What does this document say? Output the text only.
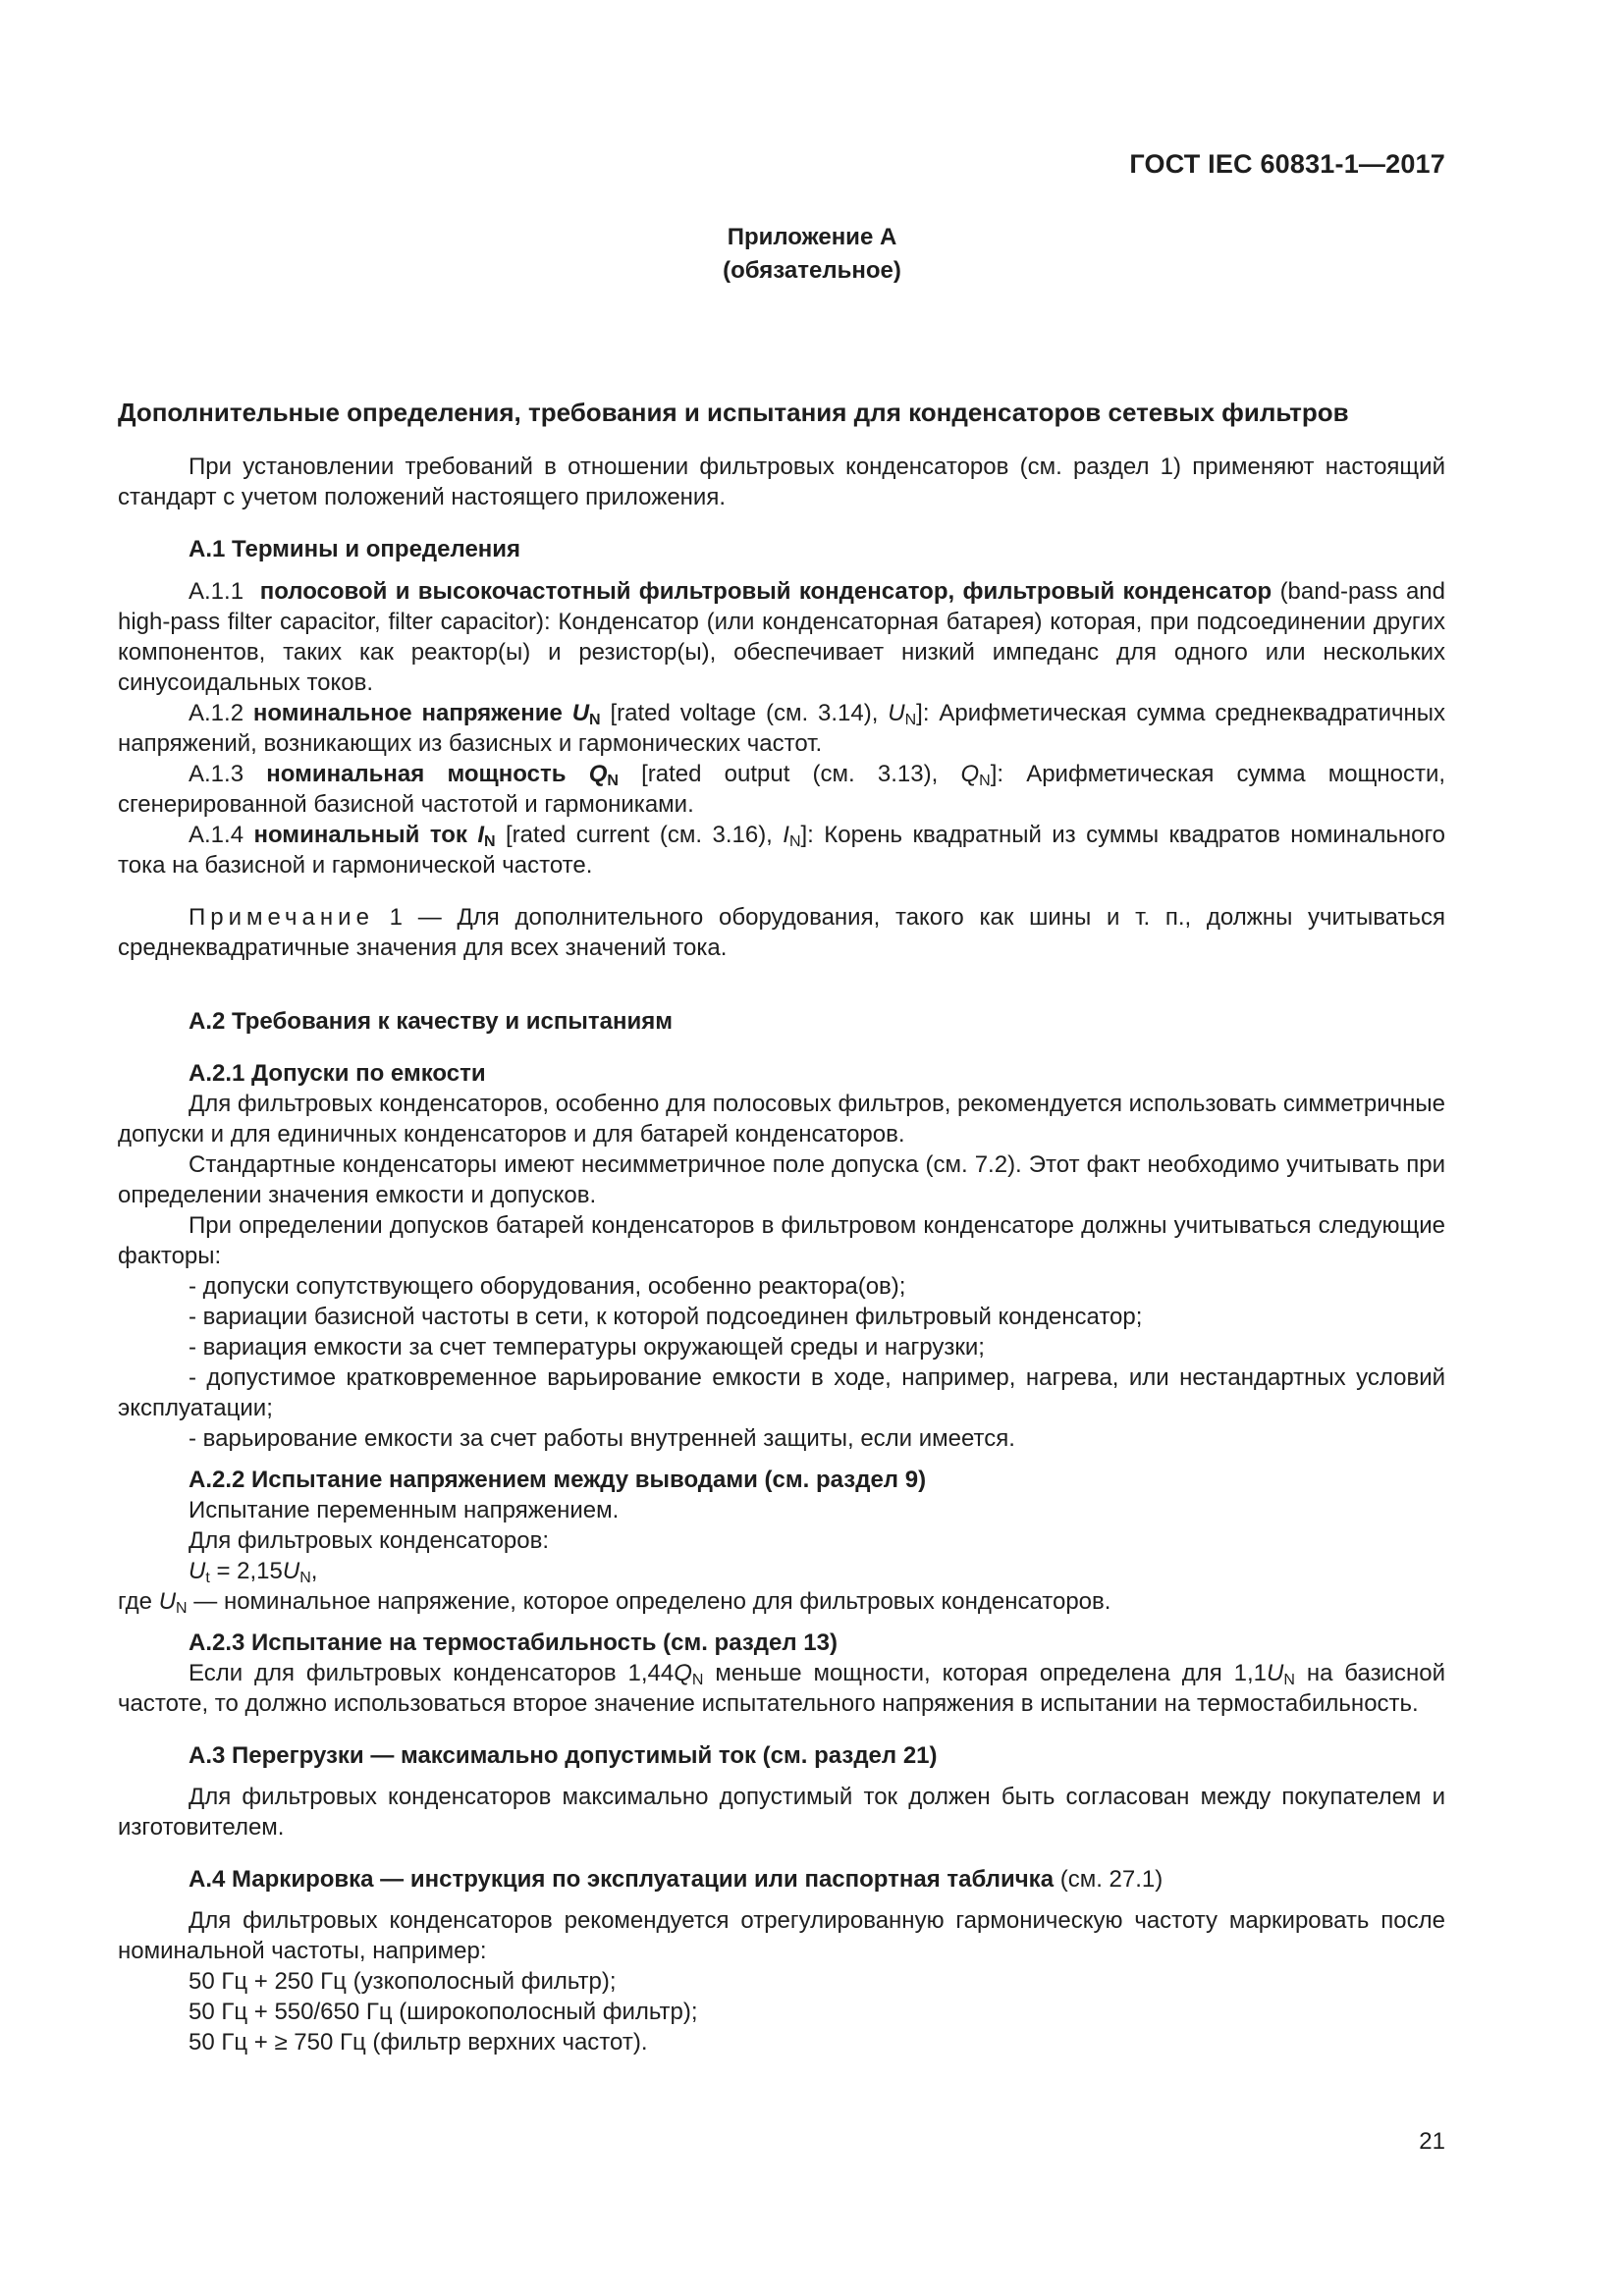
ГОСТ IEC 60831-1—2017
Приложение А
(обязательное)

Дополнительные определения, требования и испытания для конденсаторов сетевых фильтров

При установлении требований в отношении фильтровых конденсаторов (см. раздел 1) применяют настоящий стандарт с учетом положений настоящего приложения.

А.1 Термины и определения

А.1.1 полосовой и высокочастотный фильтровый конденсатор, фильтровый конденсатор (band-pass and high-pass filter capacitor, filter capacitor): Конденсатор (или конденсаторная батарея) которая, при подсоединении других компонентов, таких как реактор(ы) и резистор(ы), обеспечивает низкий импеданс для одного или нескольких синусоидальных токов.

А.1.2 номинальное напряжение $U_N$ [rated voltage (см. 3.14), $U_N$]: Арифметическая сумма среднеквадратичных напряжений, возникающих из базисных и гармонических частот.

А.1.3 номинальная мощность $Q_N$ [rated output (см. 3.13), $Q_N$]: Арифметическая сумма мощности, сгенерированной базисной частотой и гармониками.

А.1.4 номинальный ток $I_N$ [rated current (см. 3.16), $I_N$]: Корень квадратный из суммы квадратов номинального тока на базисной и гармонической частоте.

Примечание 1 — Для дополнительного оборудования, такого как шины и т. п., должны учитываться среднеквадратичные значения для всех значений тока.

А.2 Требования к качеству и испытаниям

А.2.1 Допуски по емкости

Для фильтровых конденсаторов, особенно для полосовых фильтров, рекомендуется использовать симметричные допуски и для единичных конденсаторов и для батарей конденсаторов.

Стандартные конденсаторы имеют несимметричное поле допуска (см. 7.2). Этот факт необходимо учитывать при определении значения емкости и допусков.

При определении допусков батарей конденсаторов в фильтровом конденсаторе должны учитываться следующие факторы:

- допуски сопутствующего оборудования, особенно реактора(ов);

- вариации базисной частоты в сети, к которой подсоединен фильтровый конденсатор;

- вариация емкости за счет температуры окружающей среды и нагрузки;

- допустимое кратковременное варьирование емкости в ходе, например, нагрева, или нестандартных условий эксплуатации;

- варьирование емкости за счет работы внутренней защиты, если имеется.

А.2.2 Испытание напряжением между выводами (см. раздел 9)

Испытание переменным напряжением.

Для фильтровых конденсаторов:

$U_t = 2,15U_N$,

где $U_N$ — номинальное напряжение, которое определено для фильтровых конденсаторов.

А.2.3 Испытание на термостабильность (см. раздел 13)

Если для фильтровых конденсаторов $1,44Q_N$ меньше мощности, которая определена для $1,1U_N$ на базисной частоте, то должно использоваться второе значение испытательного напряжения в испытании на термостабильность.

А.3 Перегрузки — максимально допустимый ток (см. раздел 21)

Для фильтровых конденсаторов максимально допустимый ток должен быть согласован между покупателем и изготовителем.

А.4 Маркировка — инструкция по эксплуатации или паспортная табличка (см. 27.1)

Для фильтровых конденсаторов рекомендуется отрегулированную гармоническую частоту маркировать после номинальной частоты, например:

50 Гц + 250 Гц (узкополосный фильтр);

50 Гц + 550/650 Гц (широкополосный фильтр);

50 Гц + ≥ 750 Гц (фильтр верхних частот).

21
